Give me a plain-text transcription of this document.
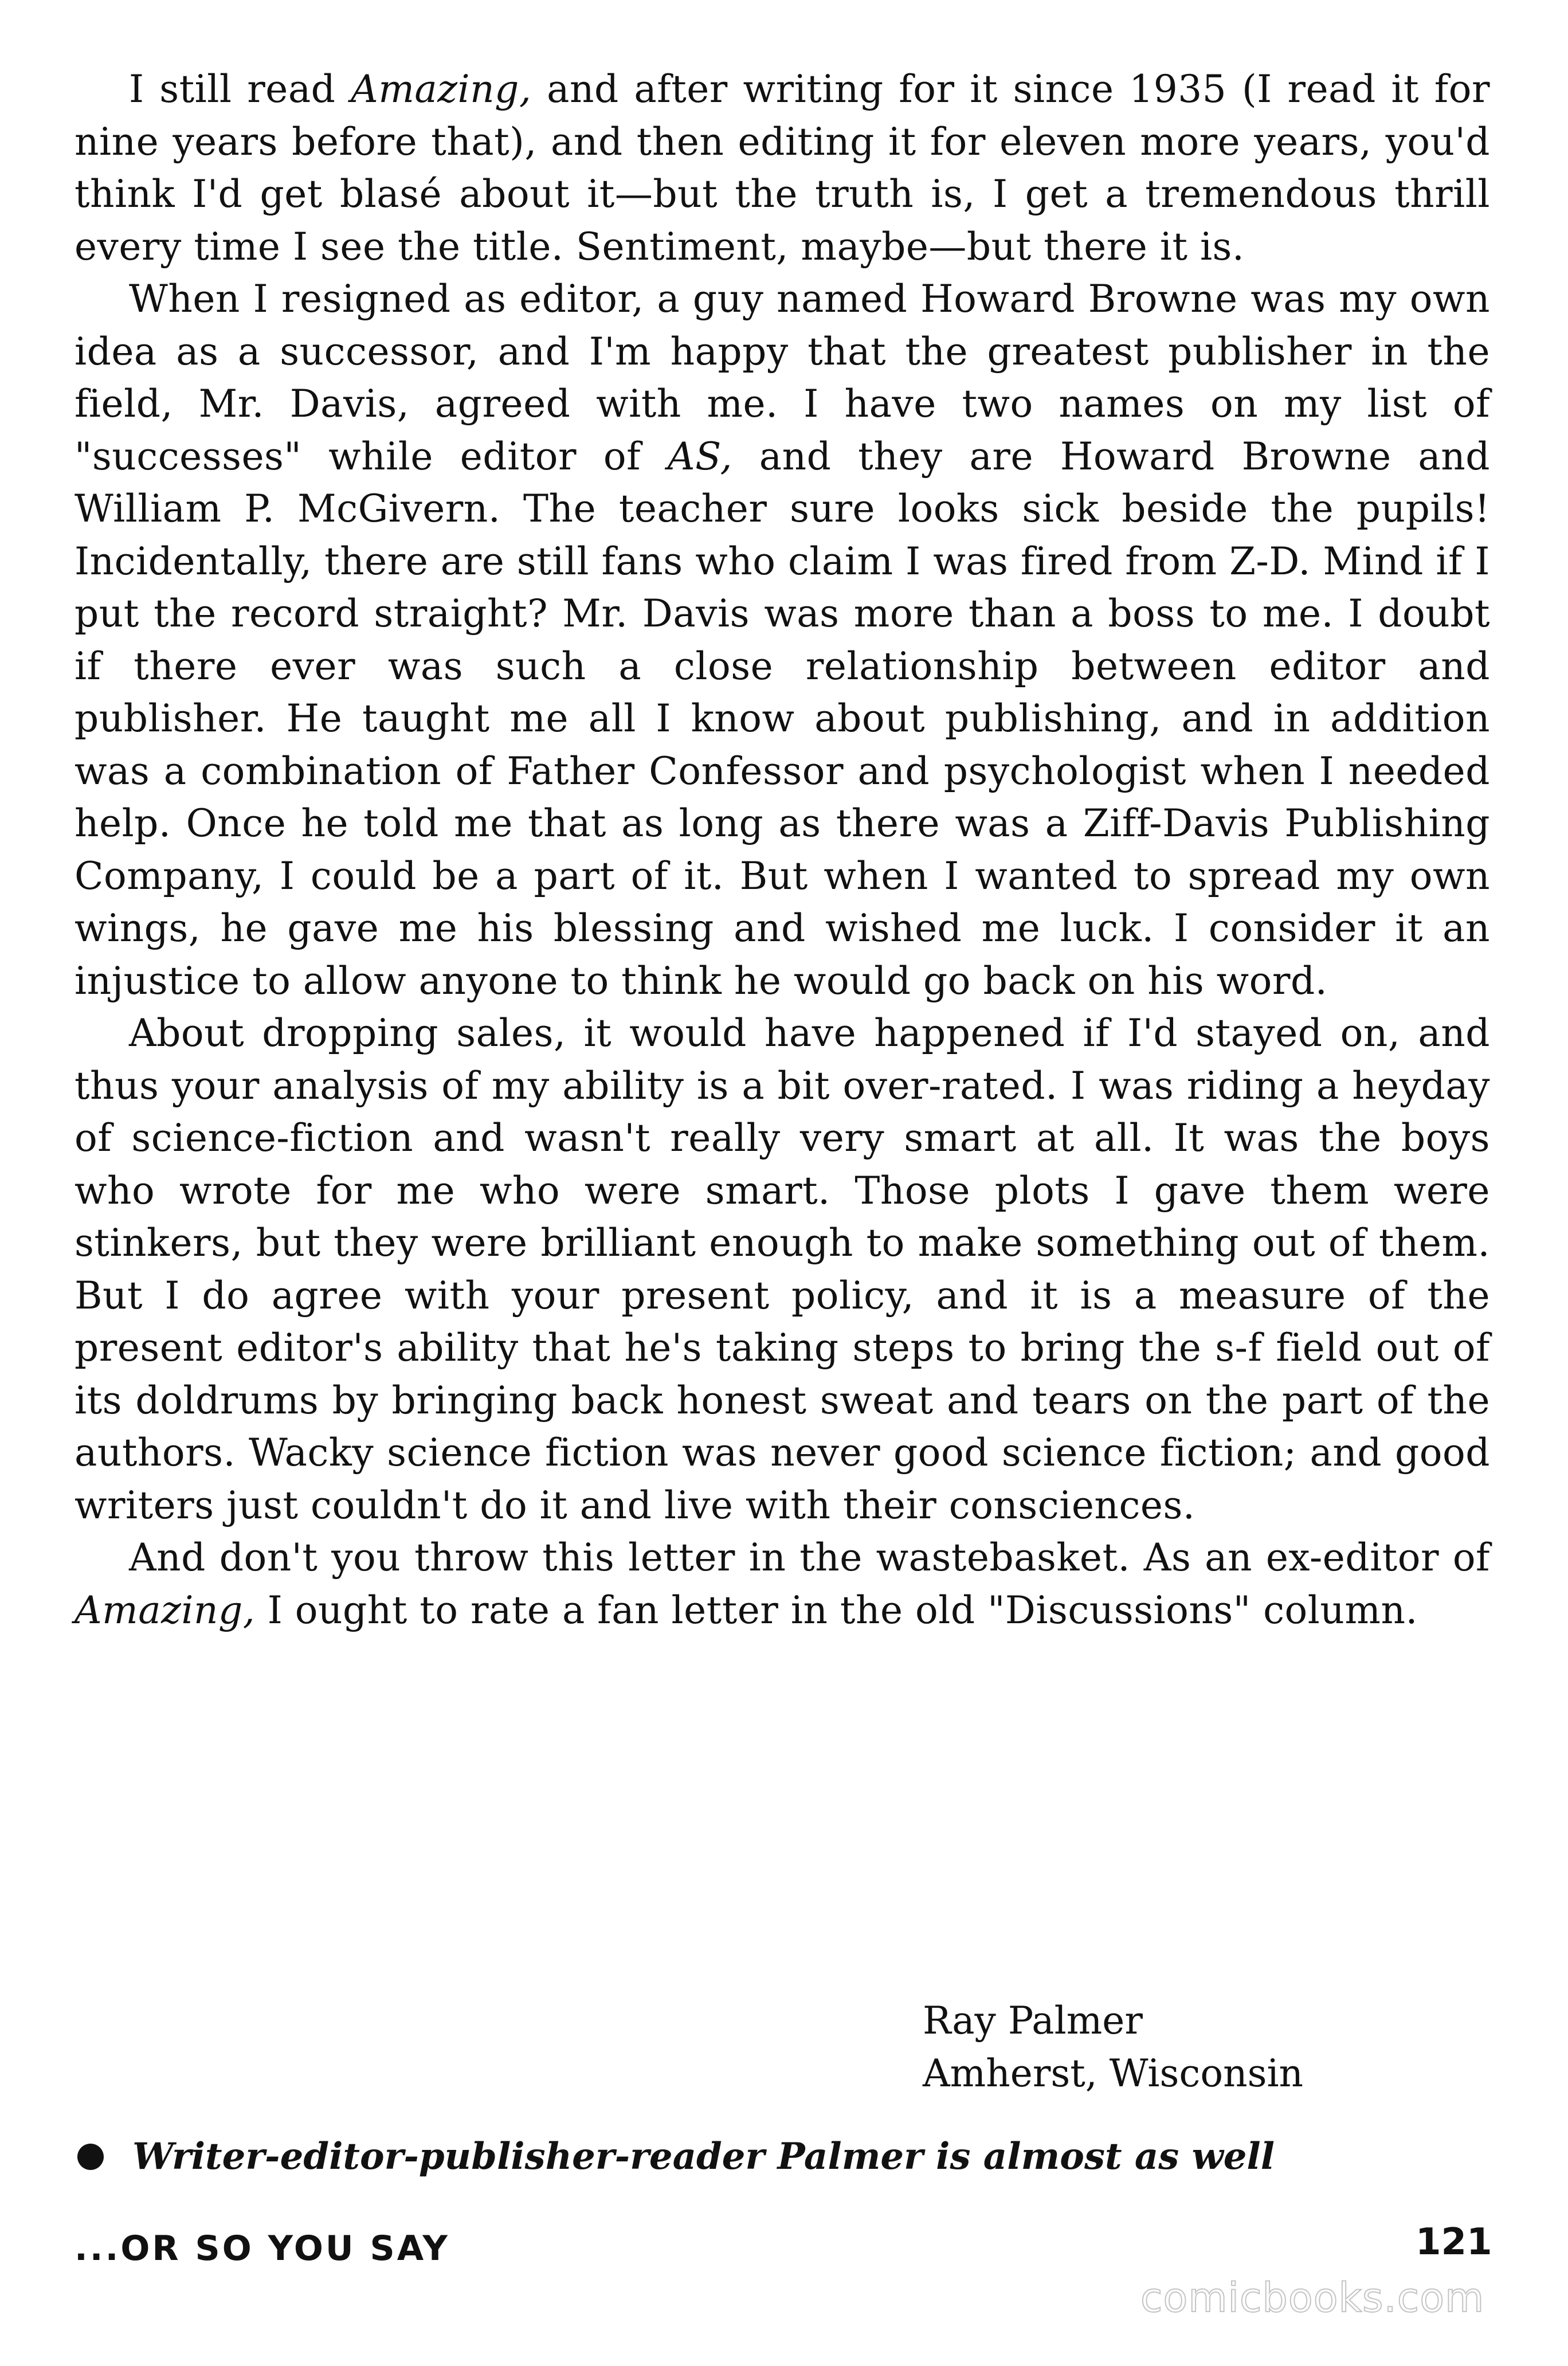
I still read Amazing, and after writing for it since 1935 (I read it for nine years before that), and then editing it for eleven more years, you'd think I'd get blasé about it—but the truth is, I get a tremendous thrill every time I see the title. Sentiment, maybe—but there it is.

When I resigned as editor, a guy named Howard Browne was my own idea as a successor, and I'm happy that the greatest publisher in the field, Mr. Davis, agreed with me. I have two names on my list of "successes" while editor of AS, and they are Howard Browne and William P. McGivern. The teacher sure looks sick beside the pupils! Incidentally, there are still fans who claim I was fired from Z-D. Mind if I put the record straight? Mr. Davis was more than a boss to me. I doubt if there ever was such a close relationship between editor and publisher. He taught me all I know about publishing, and in addition was a combination of Father Confessor and psychologist when I needed help. Once he told me that as long as there was a Ziff-Davis Publishing Company, I could be a part of it. But when I wanted to spread my own wings, he gave me his blessing and wished me luck. I consider it an injustice to allow anyone to think he would go back on his word.

About dropping sales, it would have happened if I'd stayed on, and thus your analysis of my ability is a bit over-rated. I was riding a heyday of science-fiction and wasn't really very smart at all. It was the boys who wrote for me who were smart. Those plots I gave them were stinkers, but they were brilliant enough to make something out of them. But I do agree with your present policy, and it is a measure of the present editor's ability that he's taking steps to bring the s-f field out of its doldrums by bringing back honest sweat and tears on the part of the authors. Wacky science fiction was never good science fiction; and good writers just couldn't do it and live with their consciences.

And don't you throw this letter in the wastebasket. As an ex-editor of Amazing, I ought to rate a fan letter in the old "Discussions" column.

Ray Palmer
Amherst, Wisconsin
Writer-editor-publisher-reader Palmer is almost as well
...OR SO YOU SAY	121
comicbooks.com
